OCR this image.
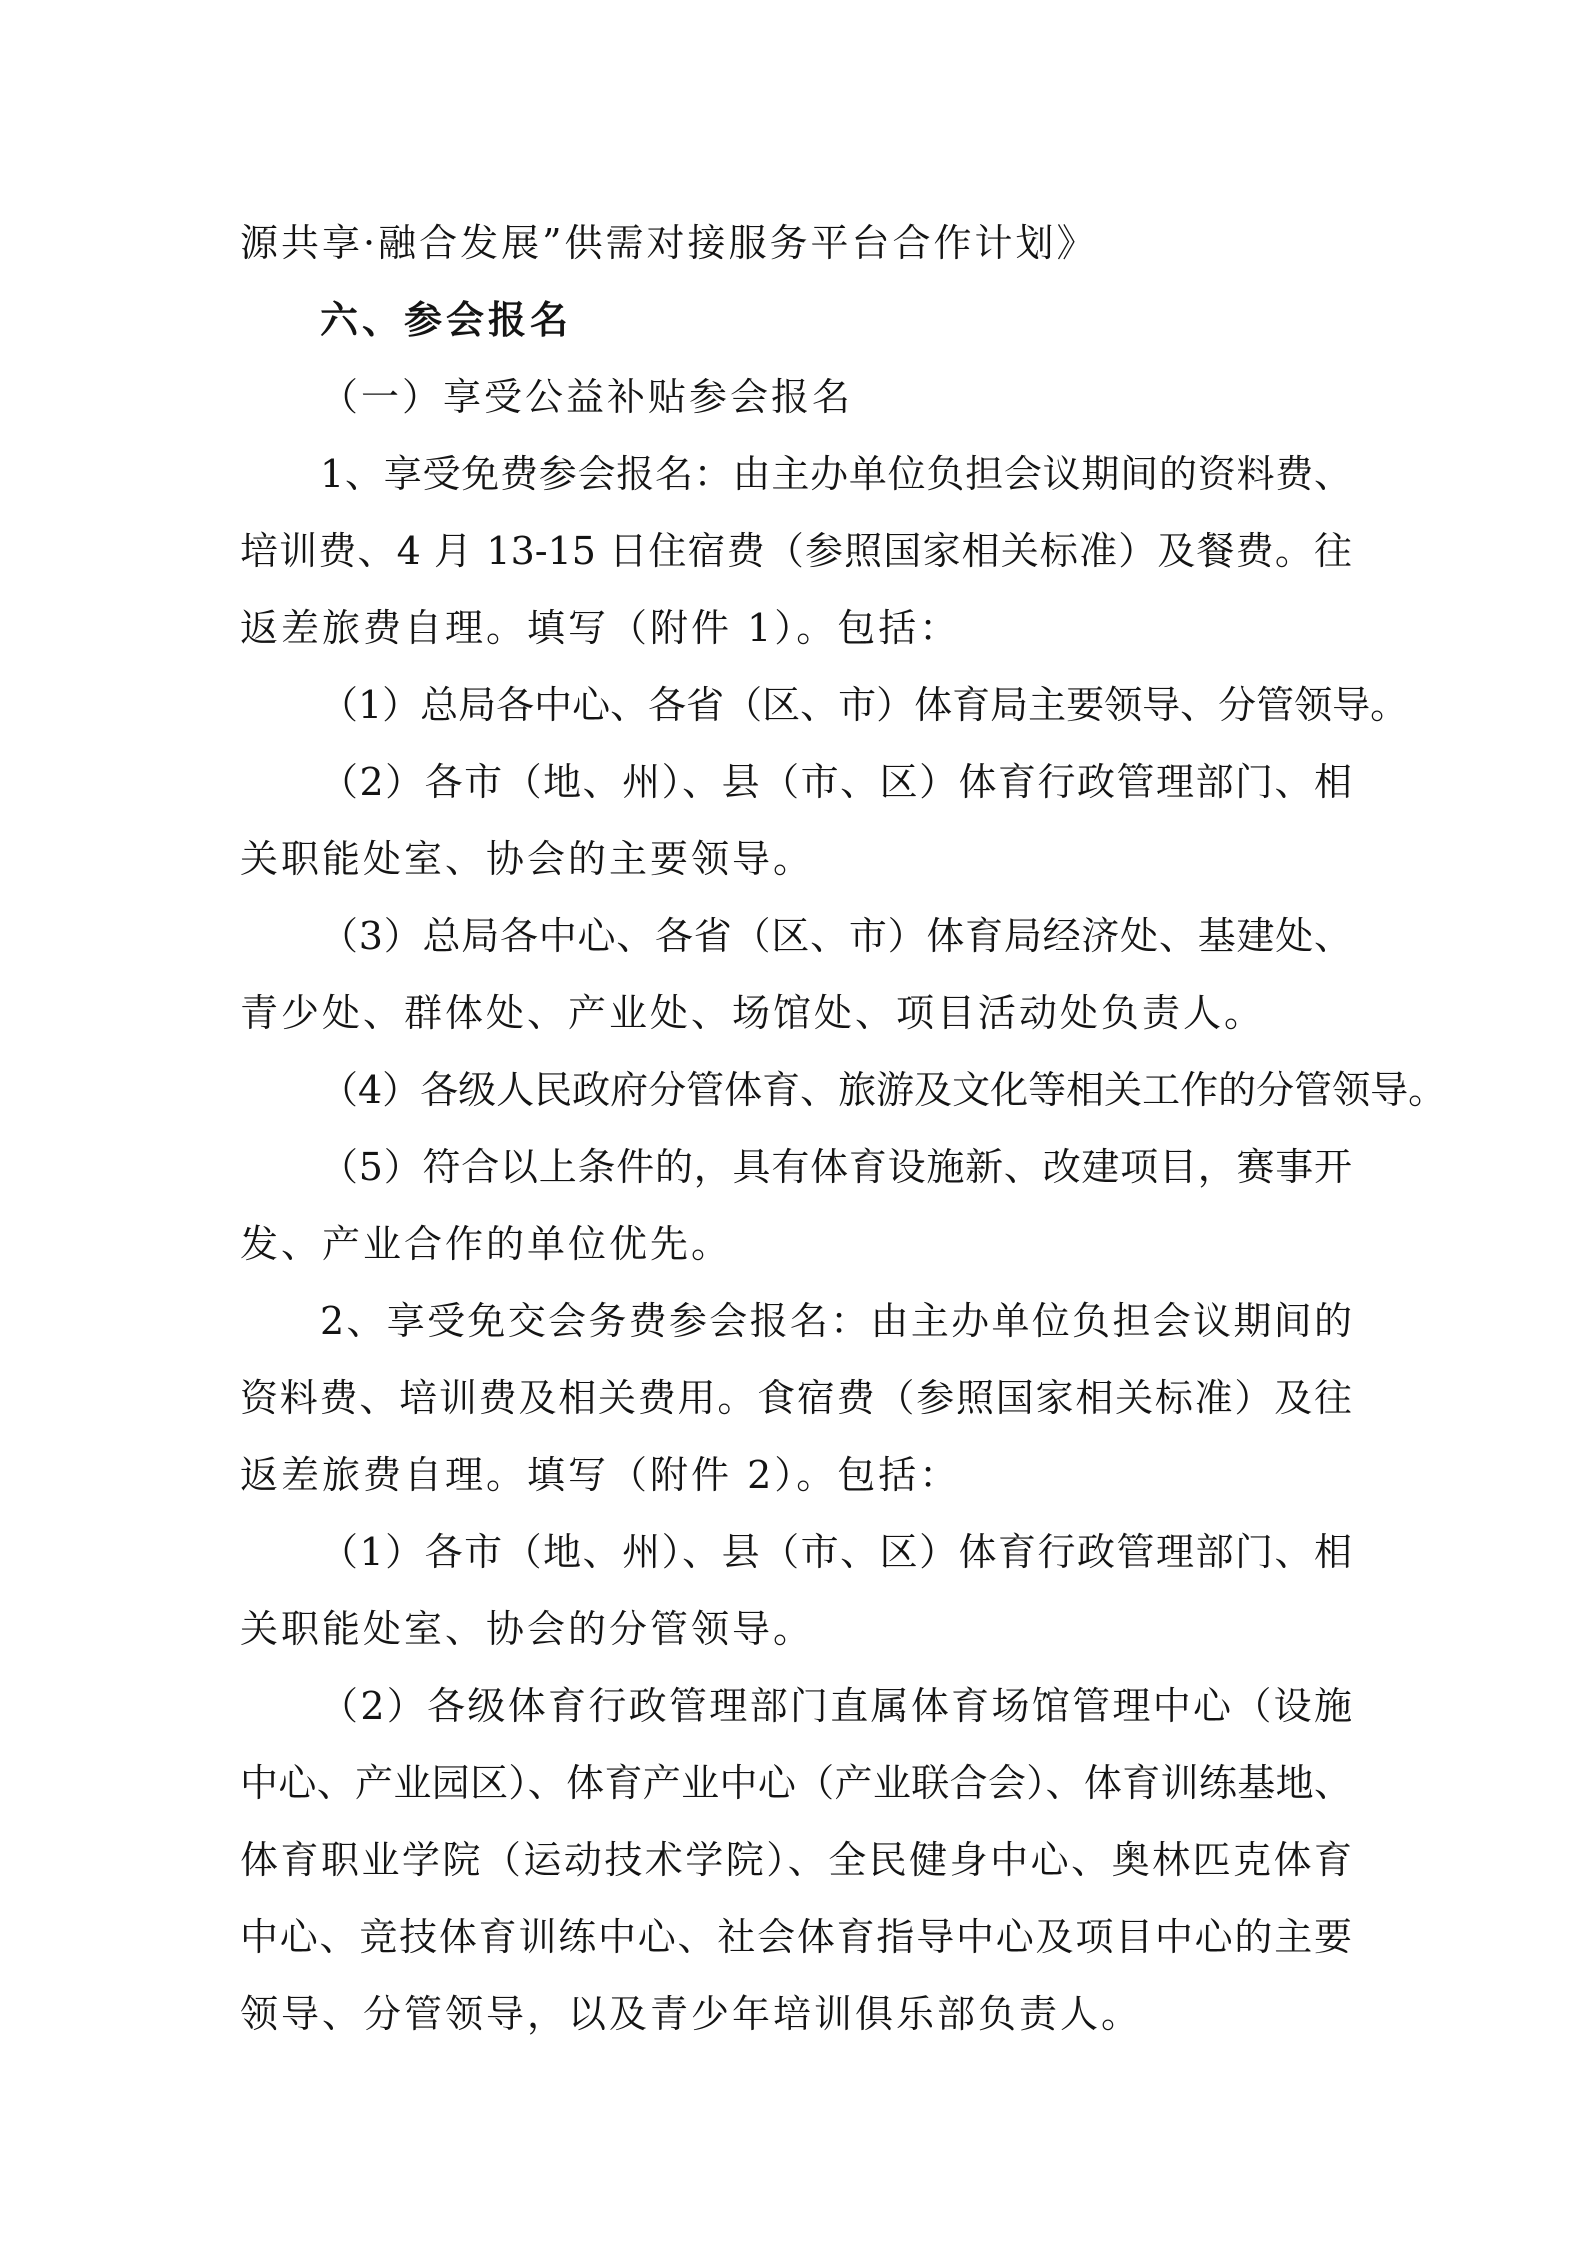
源共享·融合发展”供需对接服务平台合作计划》
六、参会报名
（一）享受公益补贴参会报名
1、享受免费参会报名：由主办单位负担会议期间的资料费、
培训费、4 月 13-15 日住宿费（参照国家相关标准）及餐费。往
返差旅费自理。填写（附件 1）。包括：
（1）总局各中心、各省（区、市）体育局主要领导、分管领导。
（2）各市（地、州）、县（市、区）体育行政管理部门、相
关职能处室、协会的主要领导。
（3）总局各中心、各省（区、市）体育局经济处、基建处、
青少处、群体处、产业处、场馆处、项目活动处负责人。
（4）各级人民政府分管体育、旅游及文化等相关工作的分管领导。
（5）符合以上条件的，具有体育设施新、改建项目，赛事开
发、产业合作的单位优先。
2、享受免交会务费参会报名：由主办单位负担会议期间的
资料费、培训费及相关费用。食宿费（参照国家相关标准）及往
返差旅费自理。填写（附件 2）。包括：
（1）各市（地、州）、县（市、区）体育行政管理部门、相
关职能处室、协会的分管领导。
（2）各级体育行政管理部门直属体育场馆管理中心（设施
中心、产业园区）、体育产业中心（产业联合会）、体育训练基地、
体育职业学院（运动技术学院）、全民健身中心、奥林匹克体育
中心、竞技体育训练中心、社会体育指导中心及项目中心的主要
领导、分管领导，以及青少年培训俱乐部负责人。
